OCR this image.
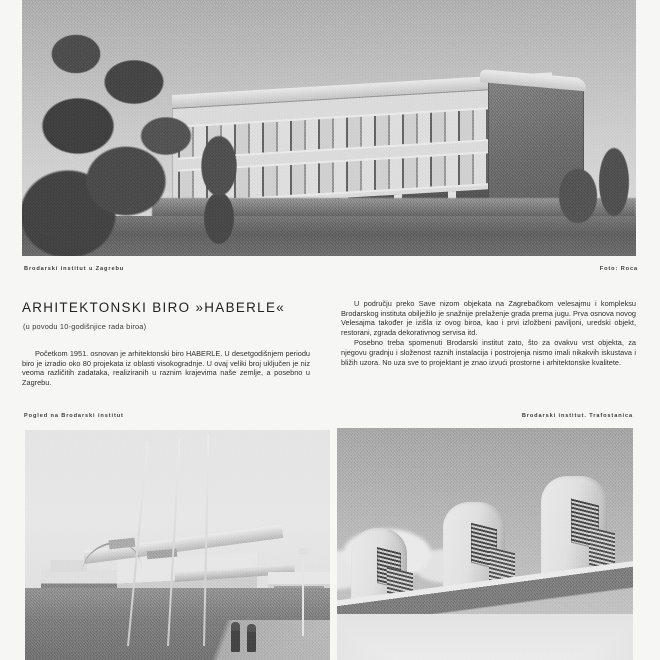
Brodarski institut u Zagrebu	Foto: Roca
ARHITEKTONSKI BIRO »HABERLE«
(u povodu 10-godišnjice rada biroa)

Početkom 1951. osnovan je arhitektonski biro HABERLE. U desetgodišnjem periodu biro je izradio oko 80 projekata iz oblasti visokogradnje. U ovaj veliki broj uključen je niz veoma različitih zadataka, realiziranih u raznim krajevima naše zemlje, a posebno u Zagrebu.

U području preko Save nizom objekata na Zagrebačkom velesajmu i kompleksu Brodarskog instituta obilježilo je snažnije prelaženje grada prema jugu. Prva osnova novog Velesajma također je izišla iz ovog biroa, kao i prvi izložbeni paviljoni, uredski objekt, restorani, zgrada dekorativnog servisa itd.

Posebno treba spomenuti Brodarski institut zato, što za ovakvu vrst objekta, za njegovu gradnju i složenost raznih instalacija i postrojenja nismo imali nikakvih iskustava i bližih uzora. No uza sve to projektant je znao izvući prostorne i arhitektonske kvalitete.

Pogled na Brodarski institut	Brodarski institut. Trafostanica
